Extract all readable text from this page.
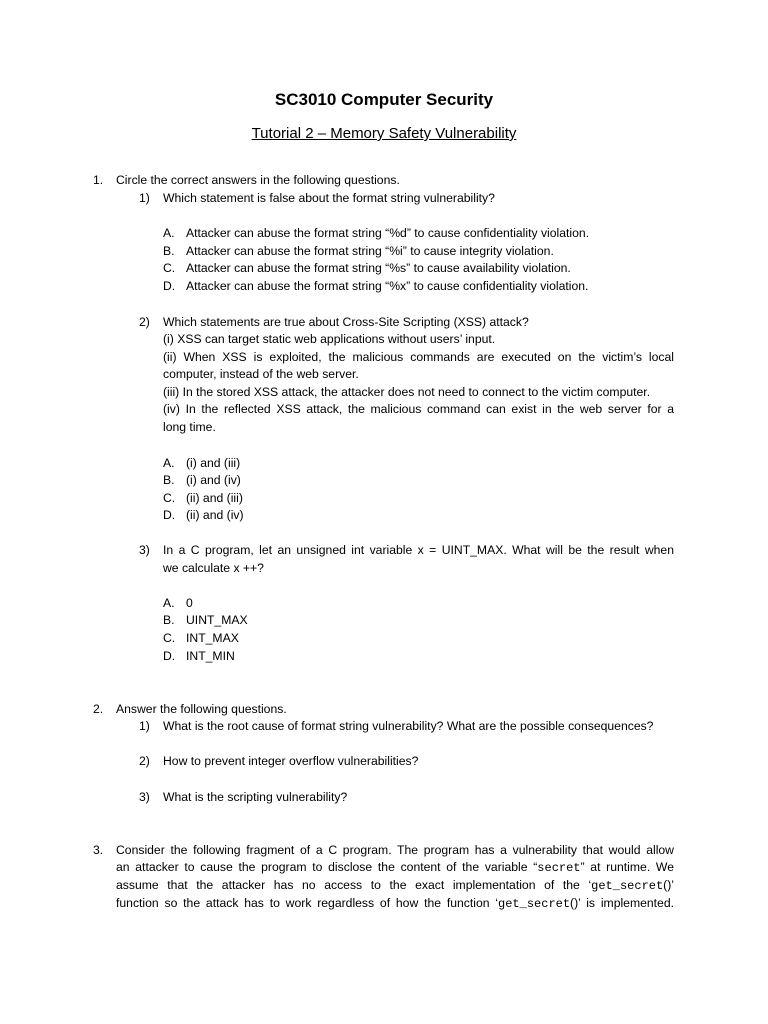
SC3010 Computer Security
Tutorial 2 – Memory Safety Vulnerability
1. Circle the correct answers in the following questions.
1) Which statement is false about the format string vulnerability?
A. Attacker can abuse the format string “%d” to cause confidentiality violation.
B. Attacker can abuse the format string “%i” to cause integrity violation.
C. Attacker can abuse the format string “%s” to cause availability violation.
D. Attacker can abuse the format string “%x” to cause confidentiality violation.
2) Which statements are true about Cross-Site Scripting (XSS) attack?
(i) XSS can target static web applications without users’ input.
(ii) When XSS is exploited, the malicious commands are executed on the victim’s local
computer, instead of the web server.
(iii) In the stored XSS attack, the attacker does not need to connect to the victim computer.
(iv) In the reflected XSS attack, the malicious command can exist in the web server for a
long time.
A. (i) and (iii)
B. (i) and (iv)
C. (ii) and (iii)
D. (ii) and (iv)
3) In a C program, let an unsigned int variable x = UINT_MAX. What will be the result when
we calculate x ++?
A. 0
B. UINT_MAX
C. INT_MAX
D. INT_MIN
2. Answer the following questions.
1) What is the root cause of format string vulnerability? What are the possible consequences?
2) How to prevent integer overflow vulnerabilities?
3) What is the scripting vulnerability?
3. Consider the following fragment of a C program. The program has a vulnerability that would allow
an attacker to cause the program to disclose the content of the variable “secret” at runtime. We
assume that the attacker has no access to the exact implementation of the ‘get_secret()’
function so the attack has to work regardless of how the function ‘get_secret()’ is implemented.
